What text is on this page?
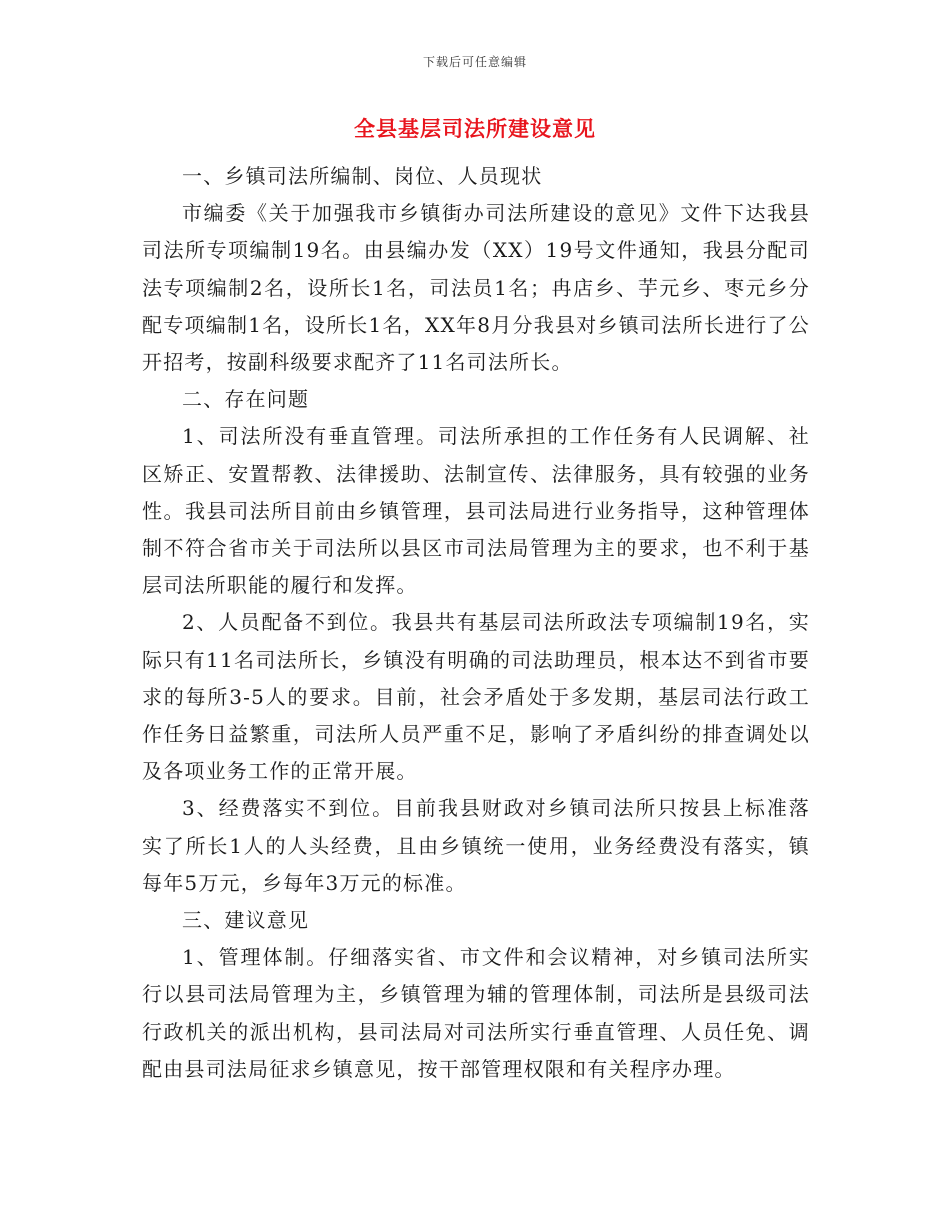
下载后可任意编辑
全县基层司法所建设意见

一、乡镇司法所编制、岗位、人员现状

市编委《关于加强我市乡镇街办司法所建设的意见》文件下达我县司法所专项编制19名。由县编办发（XX）19号文件通知，我县分配司法专项编制2名，设所长1名，司法员1名；冉店乡、芋元乡、枣元乡分配专项编制1名，设所长1名，XX年8月分我县对乡镇司法所长进行了公开招考，按副科级要求配齐了11名司法所长。

二、存在问题

1、司法所没有垂直管理。司法所承担的工作任务有人民调解、社区矫正、安置帮教、法律援助、法制宣传、法律服务，具有较强的业务性。我县司法所目前由乡镇管理，县司法局进行业务指导，这种管理体制不符合省市关于司法所以县区市司法局管理为主的要求，也不利于基层司法所职能的履行和发挥。

2、人员配备不到位。我县共有基层司法所政法专项编制19名，实际只有11名司法所长，乡镇没有明确的司法助理员，根本达不到省市要求的每所3-5人的要求。目前，社会矛盾处于多发期，基层司法行政工作任务日益繁重，司法所人员严重不足，影响了矛盾纠纷的排查调处以及各项业务工作的正常开展。

3、经费落实不到位。目前我县财政对乡镇司法所只按县上标准落实了所长1人的人头经费，且由乡镇统一使用，业务经费没有落实，镇每年5万元，乡每年3万元的标准。

三、建议意见

1、管理体制。仔细落实省、市文件和会议精神，对乡镇司法所实行以县司法局管理为主，乡镇管理为辅的管理体制，司法所是县级司法行政机关的派出机构，县司法局对司法所实行垂直管理、人员任免、调配由县司法局征求乡镇意见，按干部管理权限和有关程序办理。
